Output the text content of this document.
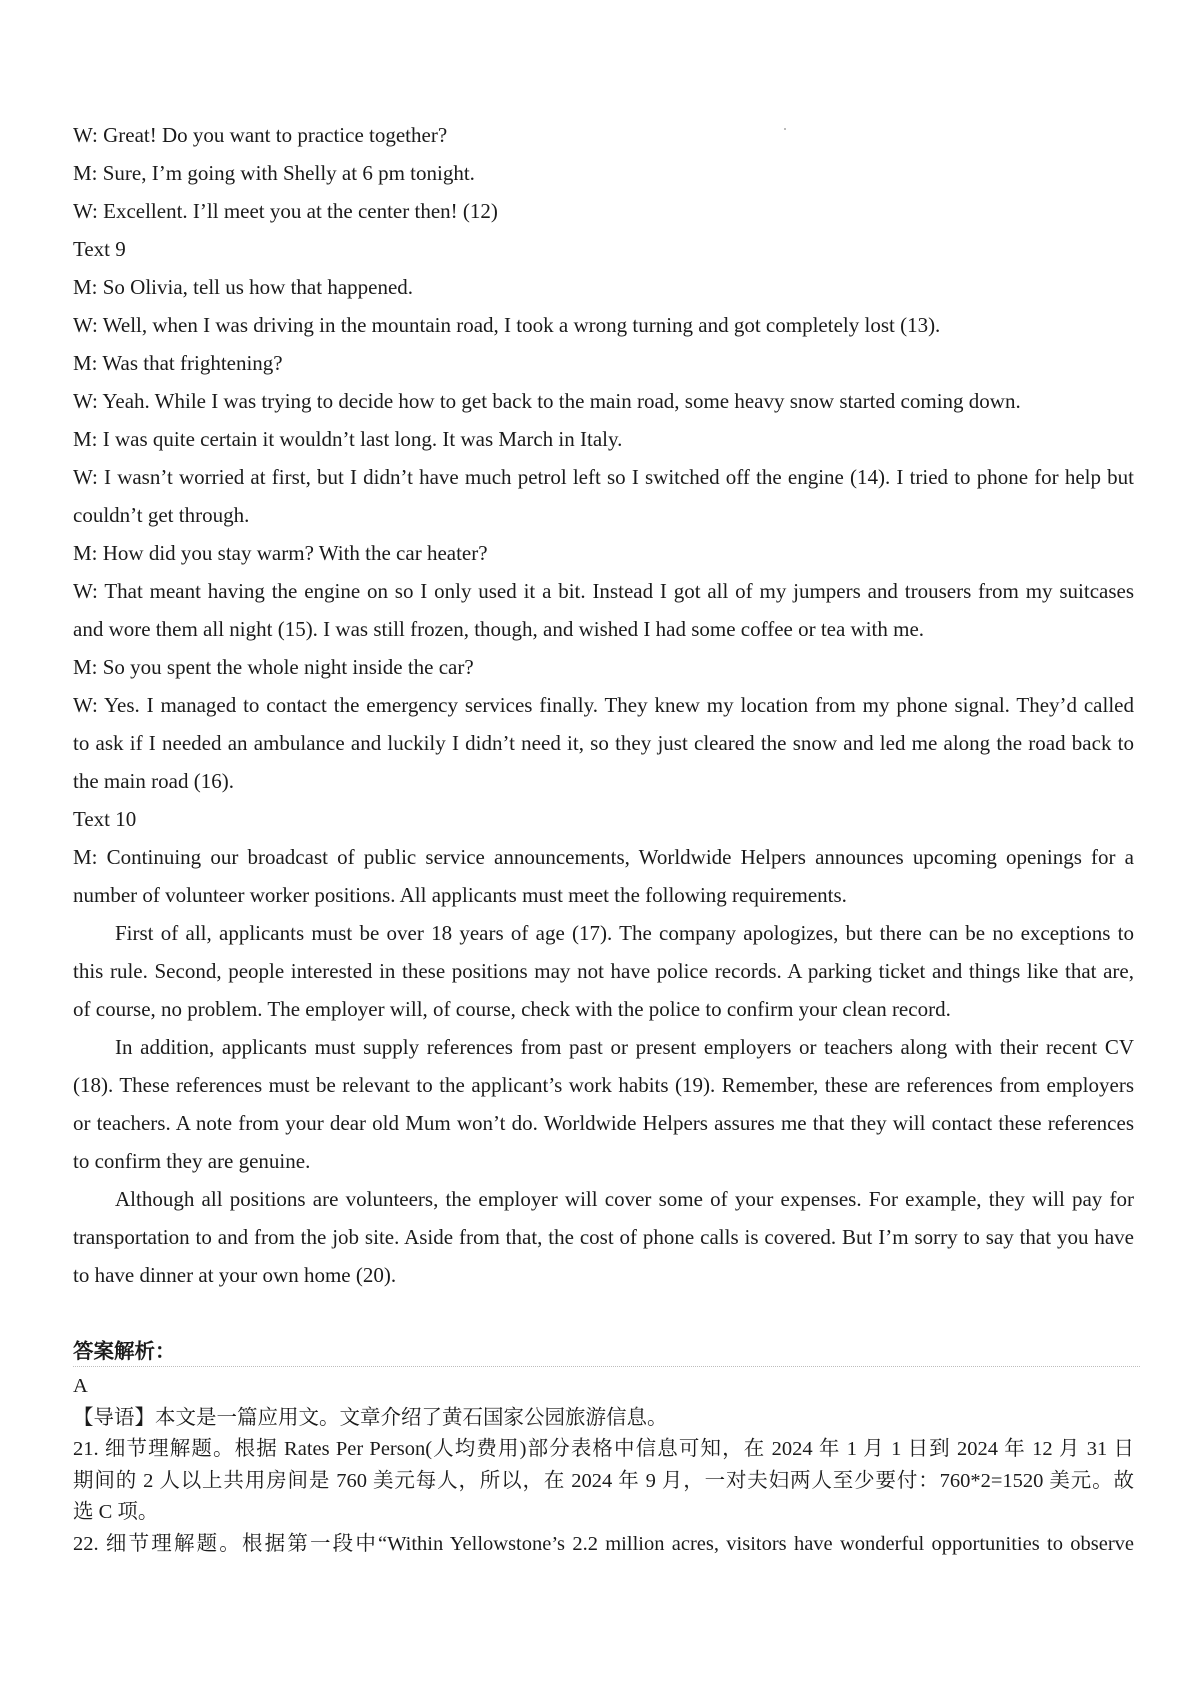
W: Great! Do you want to practice together?
M: Sure, I’m going with Shelly at 6 pm tonight.
W: Excellent. I’ll meet you at the center then! (12)
Text 9
M: So Olivia, tell us how that happened.
W: Well, when I was driving in the mountain road, I took a wrong turning and got completely lost (13).
M: Was that frightening?
W: Yeah. While I was trying to decide how to get back to the main road, some heavy snow started coming down.
M: I was quite certain it wouldn’t last long. It was March in Italy.
W: I wasn’t worried at first, but I didn’t have much petrol left so I switched off the engine (14). I tried to phone for help but
couldn’t get through.
M: How did you stay warm? With the car heater?
W: That meant having the engine on so I only used it a bit. Instead I got all of my jumpers and trousers from my suitcases
and wore them all night (15). I was still frozen, though, and wished I had some coffee or tea with me.
M: So you spent the whole night inside the car?
W: Yes. I managed to contact the emergency services finally. They knew my location from my phone signal. They’d called
to ask if I needed an ambulance and luckily I didn’t need it, so they just cleared the snow and led me along the road back to
the main road (16).
Text 10
M: Continuing our broadcast of public service announcements, Worldwide Helpers announces upcoming openings for a
number of volunteer worker positions. All applicants must meet the following requirements.
First of all, applicants must be over 18 years of age (17). The company apologizes, but there can be no exceptions to
this rule. Second, people interested in these positions may not have police records. A parking ticket and things like that are,
of course, no problem. The employer will, of course, check with the police to confirm your clean record.
In addition, applicants must supply references from past or present employers or teachers along with their recent CV
(18). These references must be relevant to the applicant’s work habits (19). Remember, these are references from employers
or teachers. A note from your dear old Mum won’t do. Worldwide Helpers assures me that they will contact these references
to confirm they are genuine.
Although all positions are volunteers, the employer will cover some of your expenses. For example, they will pay for
transportation to and from the job site. Aside from that, the cost of phone calls is covered. But I’m sorry to say that you have
to have dinner at your own home (20).
答案解析：
A
【导语】本文是一篇应用文。文章介绍了黄石国家公园旅游信息。
21. 细节理解题。根据 Rates Per Person(人均费用)部分表格中信息可知，在 2024 年 1 月 1 日到 2024 年 12 月 31 日
期间的 2 人以上共用房间是 760 美元每人，所以，在 2024 年 9 月，一对夫妇两人至少要付：760*2=1520 美元。故
选 C 项。
22. 细节理解题。根据第一段中“Within Yellowstone’s 2.2 million acres, visitors have wonderful opportunities to observe
